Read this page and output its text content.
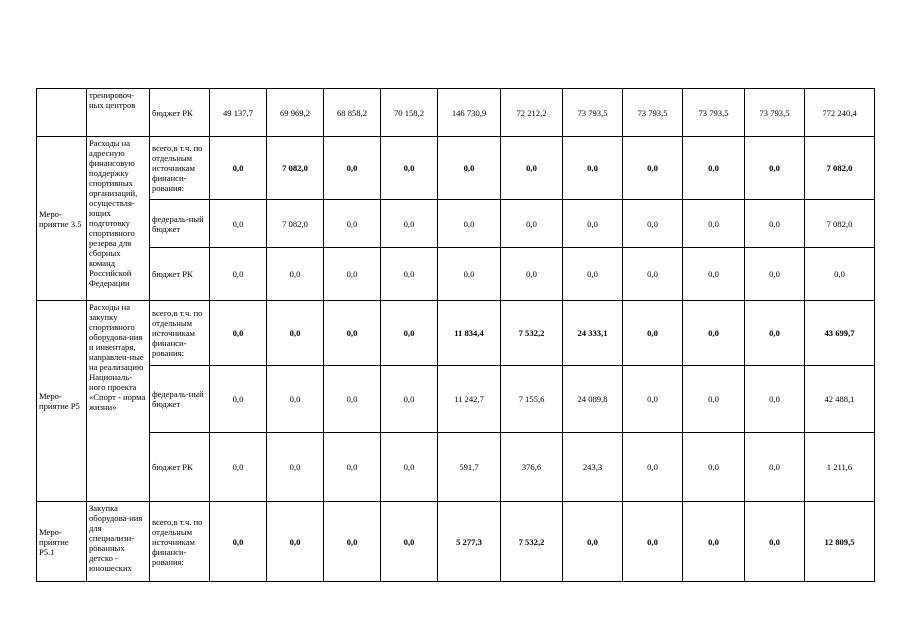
	тренировоч-ных центров	бюджет РК	49 137,7	69 969,2	68 858,2	70 158,2	146 730,9	72 212,2	73 793,5	73 793,5	73 793,5	73 793,5	772 240,4
Меро-приятие 3.5	Расходы на адресную финансовую поддержку спортивных организаций, осуществля-ющих подготовку спортивного резерва для сборных команд Российской Федерации	всего,в т.ч. по отдельным источникам финанси-рования:	0,0	7 082,0	0,0	0,0	0,0	0,0	0,0	0,0	0,0	0,0	7 082,0
		федераль-ный бюджет	0,0	7 082,0	0,0	0,0	0,0	0,0	0,0	0,0	0,0	0,0	7 082,0
		бюджет РК	0,0	0,0	0,0	0,0	0,0	0,0	0,0	0,0	0,0	0,0	0,0
Меро-приятие Р5	Расходы на закупку спортивного оборудова-ния и инвентаря, направлен-ные на реализацию Националь-ного проекта «Спорт - норма жизни»	всего,в т.ч. по отдельным источникам финанси-рования:	0,0	0,0	0,0	0,0	11 834,4	7 532,2	24 333,1	0,0	0,0	0,0	43 699,7
		федераль-ный бюджет	0,0	0,0	0,0	0,0	11 242,7	7 155,6	24 089,8	0,0	0,0	0,0	42 488,1
		бюджет РК	0,0	0,0	0,0	0,0	591,7	376,6	243,3	0,0	0,0	0,0	1 211,6
Меро-приятие Р5.1	Закупка оборудова-ния для специализи-рованных детско - юношеских	всего,в т.ч. по отдельным источникам финанси-рования:	0,0	0,0	0,0	0,0	5 277,3	7 532,2	0,0	0,0	0,0	0,0	12 809,5
